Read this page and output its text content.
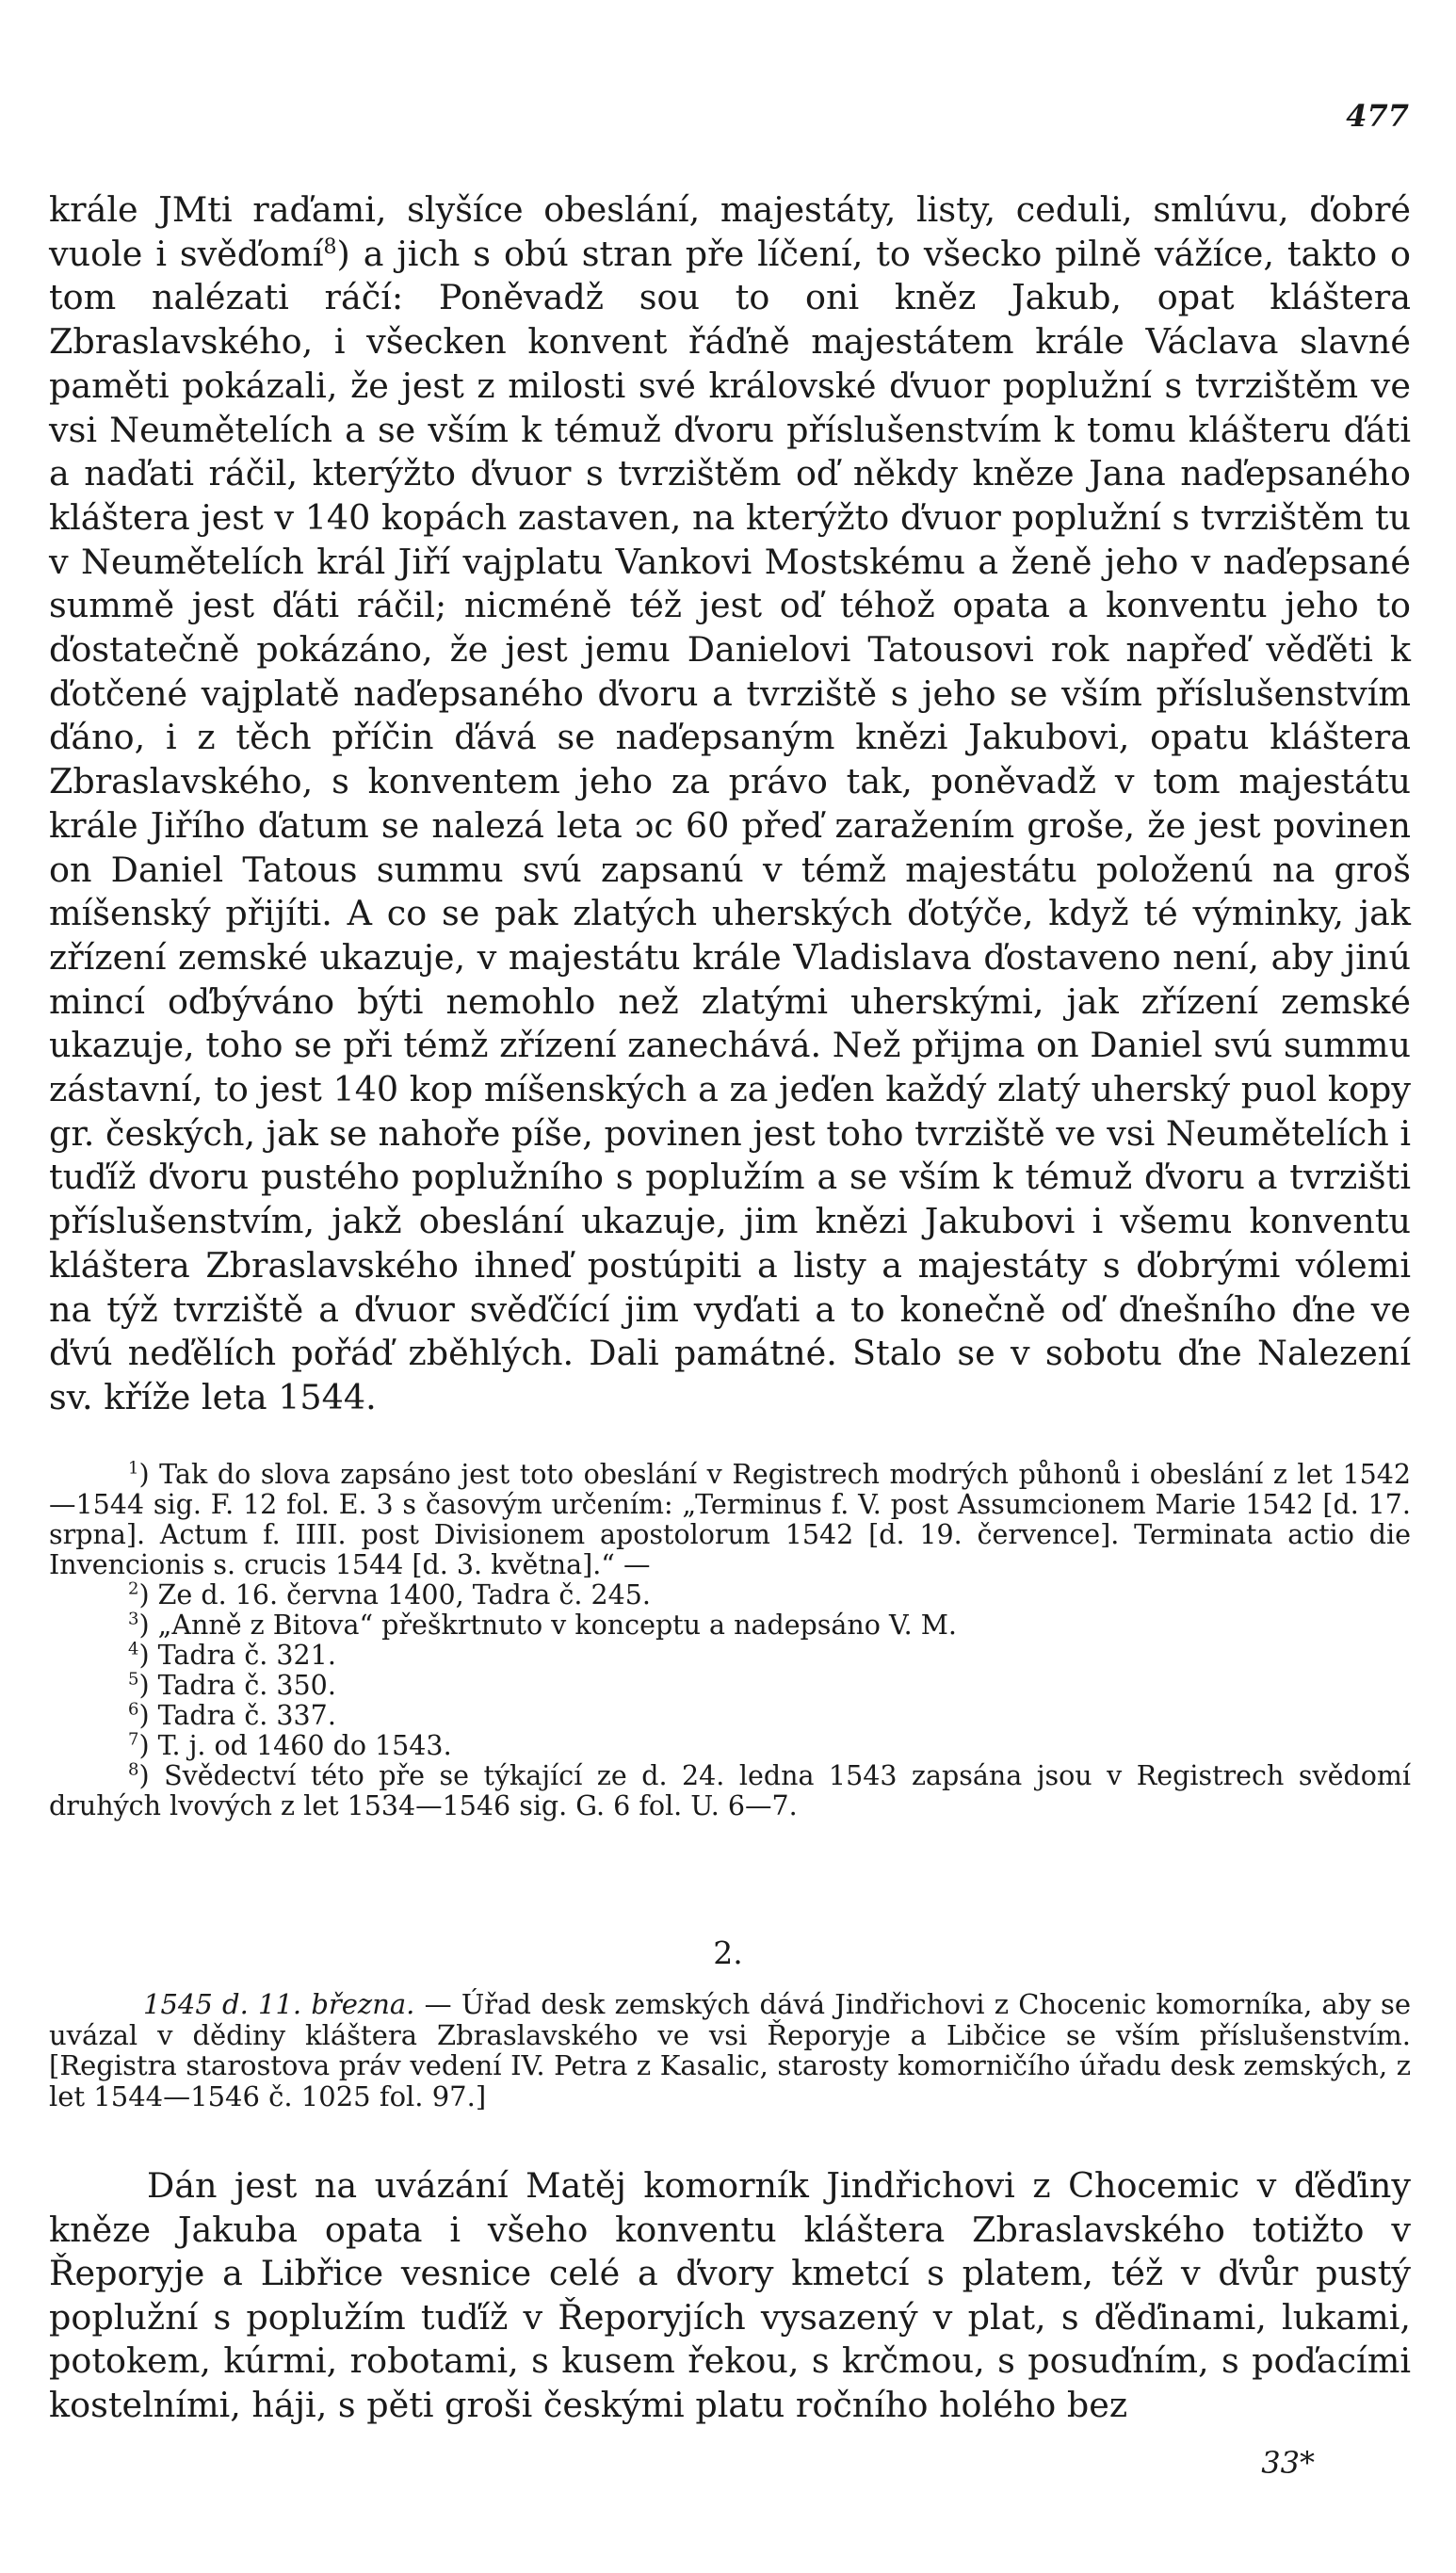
477

krále JMti raďami, slyšíce obeslání, majestáty, listy, ceduli, smlúvu, ďobré vuole i svěďomí$^8$) a jich s obú stran pře líčení, to všecko pilně vážíce, takto o tom nalézati ráčí: Poněvadž sou to oni kněz Jakub, opat kláštera Zbraslavského, i všecken konvent řáďně majestátem krále Václava slavné paměti pokázali, že jest z milosti své královské ďvuor poplužní s tvrzištěm ve vsi Neumětelích a se vším k témuž ďvoru příslušenstvím k tomu klášteru ďáti a naďati ráčil, kterýžto ďvuor s tvrzištěm oď někdy kněze Jana naďepsaného kláštera jest v 140 kopách zastaven, na kterýžto ďvuor poplužní s tvrzištěm tu v Neumětelích král Jiří vajplatu Vankovi Mostskému a ženě jeho v naďepsané summě jest ďáti ráčil; nicméně též jest oď téhož opata a konventu jeho to ďostatečně pokázáno, že jest jemu Danielovi Tatousovi rok napřeď věďěti k ďotčené vajplatě naďepsaného ďvoru a tvrziště s jeho se vším příslušenstvím ďáno, i z těch příčin ďává se naďepsaným knězi Jakubovi, opatu kláštera Zbraslavského, s konventem jeho za právo tak, poněvadž v tom majestátu krále Jiřího ďatum se nalezá leta ɔc 60 přeď zaražením groše, že jest povinen on Daniel Tatous summu svú zapsanú v témž majestátu položenú na groš míšenský přijíti. A co se pak zlatých uherských ďotýče, když té výminky, jak zřízení zemské ukazuje, v majestátu krále Vladislava ďostaveno není, aby jinú mincí oďbýváno býti nemohlo než zlatými uherskými, jak zřízení zemské ukazuje, toho se při témž zřízení zanechává. Než přijma on Daniel svú summu zástavní, to jest 140 kop míšenských a za jeďen každý zlatý uherský puol kopy gr. českých, jak se nahoře píše, povinen jest toho tvrziště ve vsi Neumětelích i tuďíž ďvoru pustého poplužního s poplužím a se vším k témuž ďvoru a tvrzišti příslušenstvím, jakž obeslání ukazuje, jim knězi Jakubovi i všemu konventu kláštera Zbraslavského ihneď postúpiti a listy a majestáty s ďobrými vólemi na týž tvrziště a ďvuor svěďčící jim vyďati a to konečně oď ďnešního ďne ve ďvú neďělích pořáď zběhlých. Dali památné. Stalo se v sobotu ďne Nalezení sv. kříže leta 1544.

$^1$) Tak do slova zapsáno jest toto obeslání v Registrech modrých půhonů i obeslání z let 1542—1544 sig. F. 12 fol. E. 3 s časovým určením: „Terminus f. V. post Assumcionem Marie 1542 [d. 17. srpna]. Actum f. IIII. post Divisionem apostolorum 1542 [d. 19. července]. Terminata actio die Invencionis s. crucis 1544 [d. 3. května].“ —

$^2$) Ze d. 16. června 1400, Tadra č. 245.

$^3$) „Anně z Bitova“ přeškrtnuto v konceptu a nadepsáno V. M.

$^4$) Tadra č. 321.

$^5$) Tadra č. 350.

$^6$) Tadra č. 337.

$^7$) T. j. od 1460 do 1543.

$^8$) Svědectví této pře se týkající ze d. 24. ledna 1543 zapsána jsou v Registrech svědomí druhých lvových z let 1534—1546 sig. G. 6 fol. U. 6—7.

2.

1545 d. 11. března. — Úřad desk zemských dává Jindřichovi z Chocenic komorníka, aby se uvázal v dědiny kláštera Zbraslavského ve vsi Řeporyje a Libčice se vším příslušenstvím. [Registra starostova práv vedení IV. Petra z Kasalic, starosty komorničího úřadu desk zemských, z let 1544—1546 č. 1025 fol. 97.]

Dán jest na uvázání Matěj komorník Jindřichovi z Chocemic v ďěďiny kněze Jakuba opata i všeho konventu kláštera Zbraslavského totižto v Řeporyje a Libřice vesnice celé a ďvory kmetcí s platem, též v ďvůr pustý poplužní s poplužím tuďíž v Řeporyjích vysazený v plat, s ďěďinami, lukami, potokem, kúrmi, robotami, s kusem řekou, s krčmou, s posuďním, s poďacími kostelními, háji, s pěti groši českými platu ročního holého bez

33*
